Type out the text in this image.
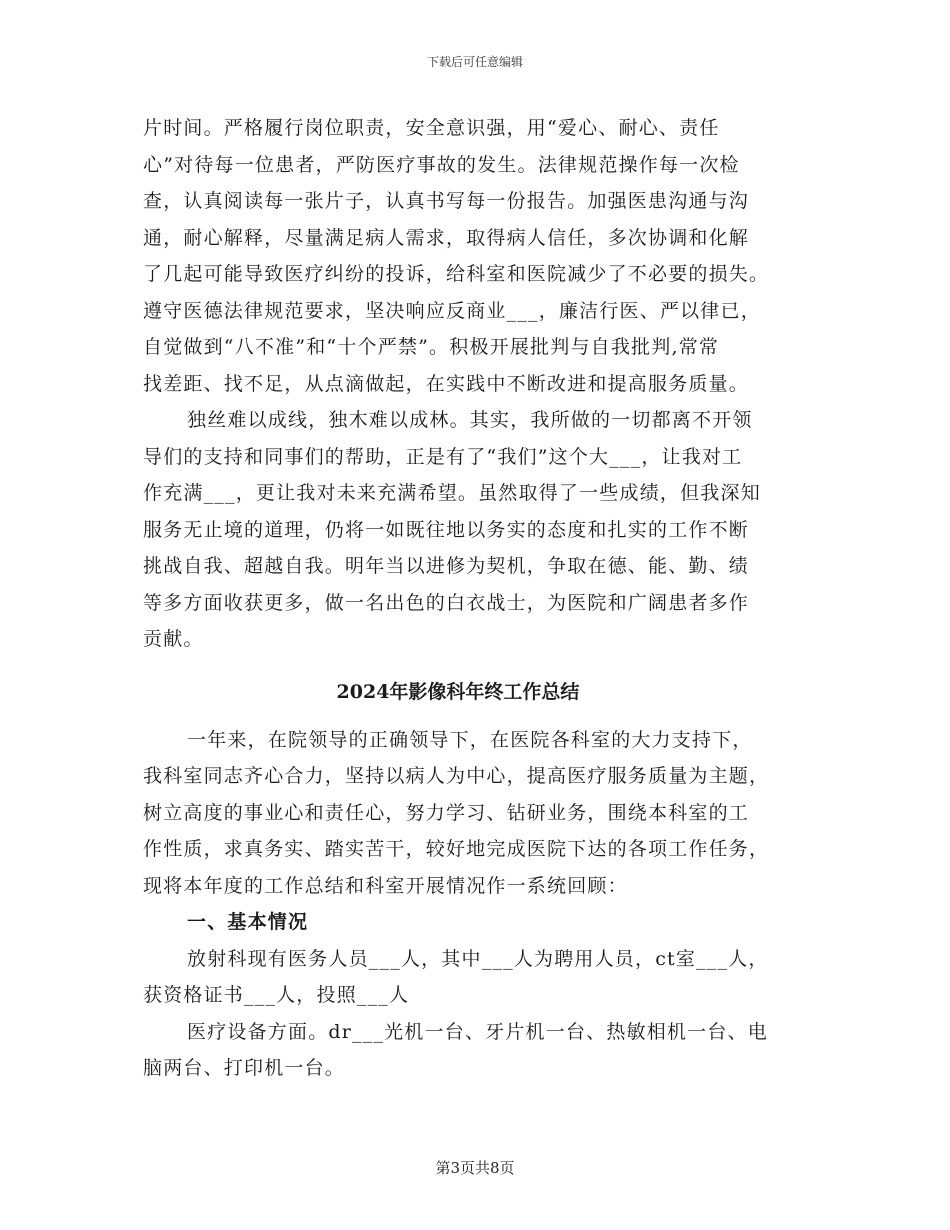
下载后可任意编辑
片时间。严格履行岗位职责，安全意识强，用“爱心、耐心、责任
心”对待每一位患者，严防医疗事故的发生。法律规范操作每一次检
查，认真阅读每一张片子，认真书写每一份报告。加强医患沟通与沟
通，耐心解释，尽量满足病人需求，取得病人信任，多次协调和化解
了几起可能导致医疗纠纷的投诉，给科室和医院减少了不必要的损失。
遵守医德法律规范要求，坚决响应反商业___，廉洁行医、严以律已，
自觉做到“八不准”和“十个严禁”。积极开展批判与自我批判,常常
找差距、找不足，从点滴做起，在实践中不断改进和提高服务质量。
独丝难以成线，独木难以成林。其实，我所做的一切都离不开领
导们的支持和同事们的帮助，正是有了“我们”这个大___，让我对工
作充满___，更让我对未来充满希望。虽然取得了一些成绩，但我深知
服务无止境的道理，仍将一如既往地以务实的态度和扎实的工作不断
挑战自我、超越自我。明年当以进修为契机，争取在德、能、勤、绩
等多方面收获更多，做一名出色的白衣战士，为医院和广阔患者多作
贡献。
2024年影像科年终工作总结
一年来，在院领导的正确领导下，在医院各科室的大力支持下，
我科室同志齐心合力，坚持以病人为中心，提高医疗服务质量为主题，
树立高度的事业心和责任心，努力学习、钻研业务，围绕本科室的工
作性质，求真务实、踏实苦干，较好地完成医院下达的各项工作任务，
现将本年度的工作总结和科室开展情况作一系统回顾：
一、基本情况
放射科现有医务人员___人，其中___人为聘用人员，ct室___人，
获资格证书___人，投照___人
医疗设备方面。dr___光机一台、牙片机一台、热敏相机一台、电
脑两台、打印机一台。
第3页共8页
